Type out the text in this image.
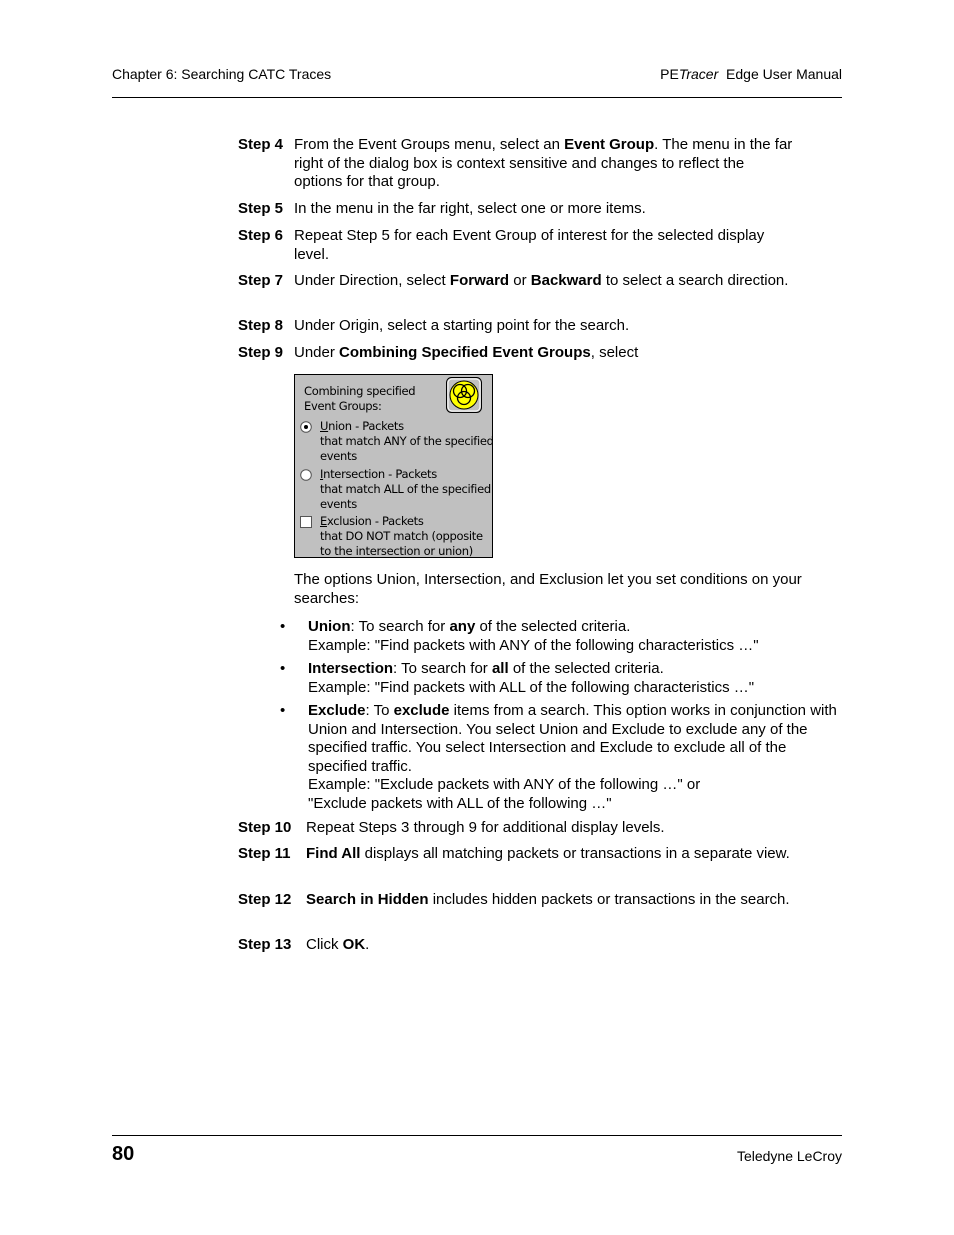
Chapter 6: Searching CATC Traces	PETracer Edge User Manual
Step 4 From the Event Groups menu, select an Event Group. The menu in the far right of the dialog box is context sensitive and changes to reflect the options for that group.
Step 5 In the menu in the far right, select one or more items.
Step 6 Repeat Step 5 for each Event Group of interest for the selected display level.
Step 7 Under Direction, select Forward or Backward to select a search direction.
Step 8 Under Origin, select a starting point for the search.
Step 9 Under Combining Specified Event Groups, select
Combining specified
Event Groups:
Union - Packets
that match ANY of the specified
events
Intersection - Packets
that match ALL of the specified
events
Exclusion - Packets
that DO NOT match (opposite
to the intersection or union)
The options Union, Intersection, and Exclusion let you set conditions on your searches:
• Union: To search for any of the selected criteria.
Example: "Find packets with ANY of the following characteristics …"
• Intersection: To search for all of the selected criteria.
Example: "Find packets with ALL of the following characteristics …"
• Exclude: To exclude items from a search. This option works in conjunction with Union and Intersection. You select Union and Exclude to exclude any of the specified traffic. You select Intersection and Exclude to exclude all of the specified traffic.
Example: "Exclude packets with ANY of the following …" or
"Exclude packets with ALL of the following …"
Step 10 Repeat Steps 3 through 9 for additional display levels.
Step 11 Find All displays all matching packets or transactions in a separate view.
Step 12 Search in Hidden includes hidden packets or transactions in the search.
Step 13 Click OK.
80	Teledyne LeCroy
